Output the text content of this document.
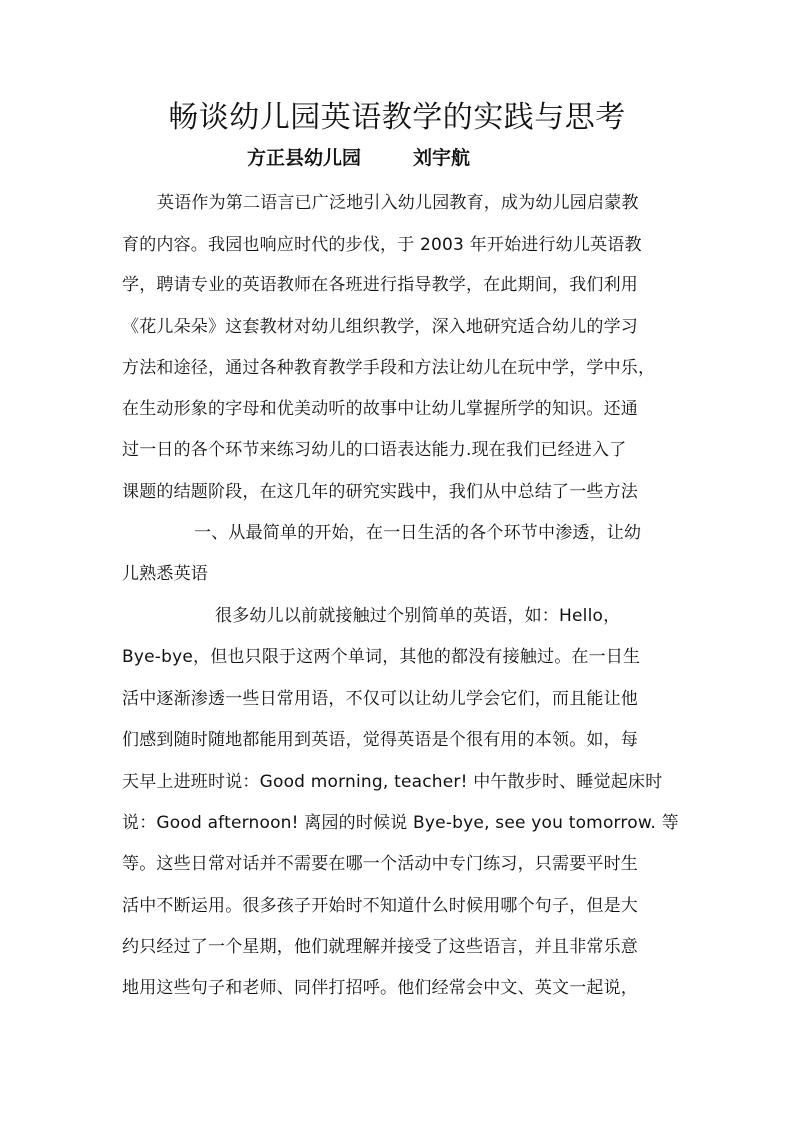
畅谈幼儿园英语教学的实践与思考
方正县幼儿园	刘宇航
英语作为第二语言已广泛地引入幼儿园教育，成为幼儿园启蒙教
育的内容。我园也响应时代的步伐，于 2003 年开始进行幼儿英语教
学，聘请专业的英语教师在各班进行指导教学，在此期间，我们利用
《花儿朵朵》这套教材对幼儿组织教学，深入地研究适合幼儿的学习
方法和途径，通过各种教育教学手段和方法让幼儿在玩中学，学中乐，
在生动形象的字母和优美动听的故事中让幼儿掌握所学的知识。还通
过一日的各个环节来练习幼儿的口语表达能力.现在我们已经进入了
课题的结题阶段，在这几年的研究实践中，我们从中总结了一些方法
一、从最简单的开始，在一日生活的各个环节中渗透，让幼
儿熟悉英语
很多幼儿以前就接触过个别简单的英语，如：Hello，
Bye-bye，但也只限于这两个单词，其他的都没有接触过。在一日生
活中逐渐渗透一些日常用语，不仅可以让幼儿学会它们，而且能让他
们感到随时随地都能用到英语，觉得英语是个很有用的本领。如，每
天早上进班时说：Good morning, teacher! 中午散步时、睡觉起床时
说：Good afternoon! 离园的时候说 Bye-bye, see you tomorrow. 等
等。这些日常对话并不需要在哪一个活动中专门练习，只需要平时生
活中不断运用。很多孩子开始时不知道什么时候用哪个句子，但是大
约只经过了一个星期，他们就理解并接受了这些语言，并且非常乐意
地用这些句子和老师、同伴打招呼。他们经常会中文、英文一起说，
